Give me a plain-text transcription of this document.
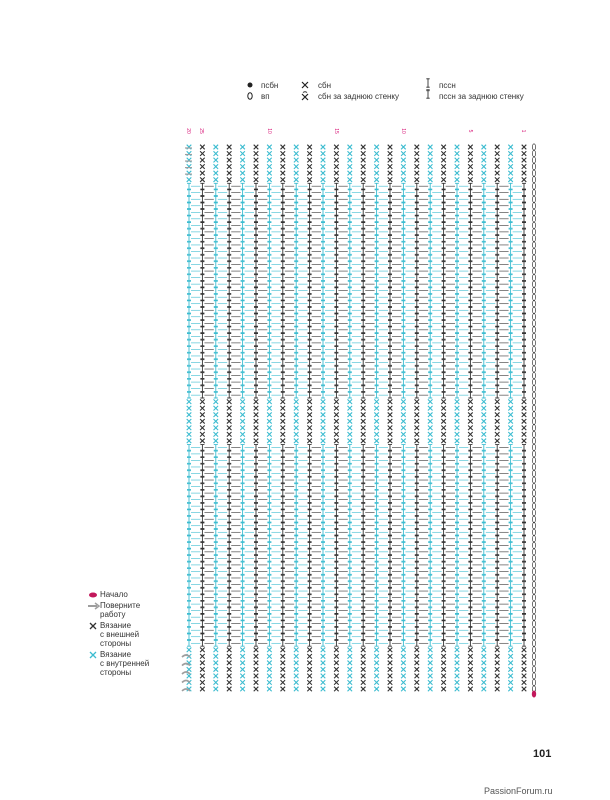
псбн
вп
сбн
сбн за заднюю стенку
пссн
пссн за заднюю стенку
Начало
Поверните
работу
Вязание
с внешней
стороны
Вязание
с внутренней
стороны
20 25	10	15	10	5	1
101
PassionForum.ru
